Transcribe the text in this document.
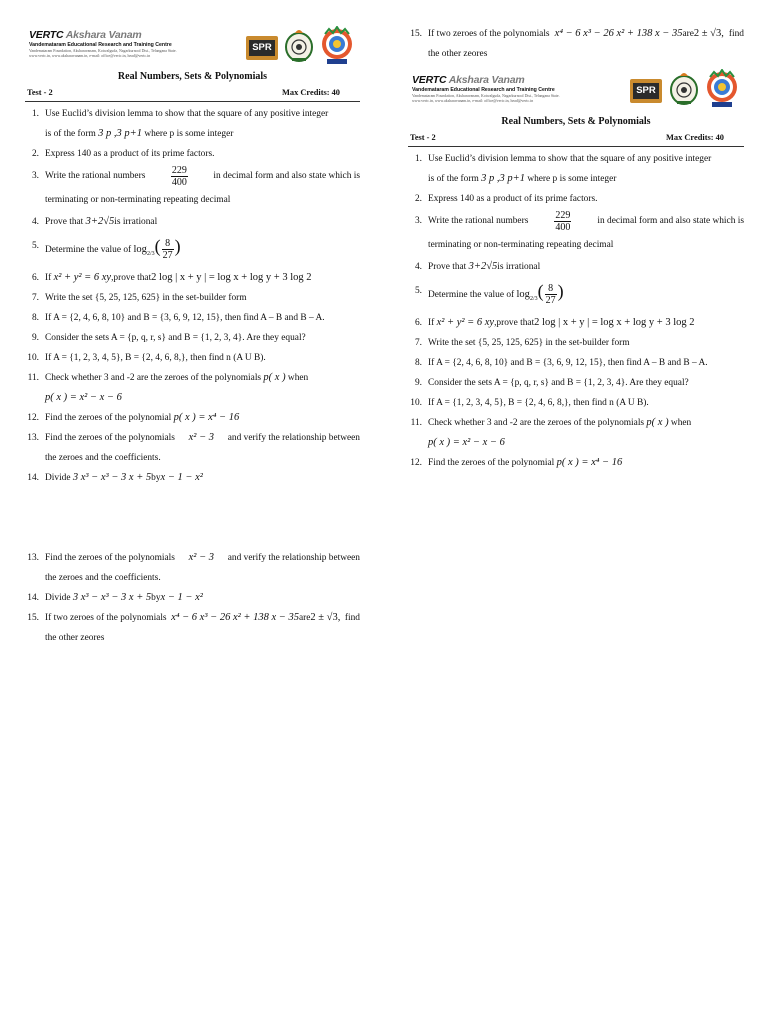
VERTC Akshara Vanam
Vandemataram Educational Research and Training Centre
Vandemataram Foundation, Aksharavanam, Kotwalguda, Nagarkurnool Dist., Telangana State.
www.vertc.in, www.aksharavanam.in, e-mail: office@vertc.in, head@vertc.in
SPR
Real Numbers, Sets & Polynomials
Test - 2	Max Credits: 40
1. Use Euclid’s division lemma to show that the square of any positive integer
is of the form 3 p ,3 p+1 where p is some integer
2. Express 140 as a product of its prime factors.
3. Write the rational numbers	$\frac{229}{400}$	in decimal form and also state which is
terminating or non-terminating repeating decimal
4. Prove that 3+2√5is irrational
5. Determine the value of $\log_{2/3}( \frac{8}{27}$ )
6. If x² + y² = 6 xy,prove that2 log | x + y | = log x + log y + 3 log 2
7. Write the set {5, 25, 125, 625} in the set-builder form
8. If A = {2, 4, 6, 8, 10} and B = {3, 6, 9, 12, 15}, then find A – B and B – A.
9. Consider the sets A = {p, q, r, s} and B = {1, 2, 3, 4}. Are they equal?
10. If A = {1, 2, 3, 4, 5}, B = {2, 4, 6, 8,}, then find n (A U B).
11. Check whether 3 and -2 are the zeroes of the polynomials p( x ) when
p( x ) = x² − x − 6
12. Find the zeroes of the polynomial p( x ) = x⁴ − 16
13. Find the zeroes of the polynomials x² − 3 and verify the relationship between
the zeroes and the coefficients.
14. Divide 3 x³ − x³ − 3 x + 5byx − 1 − x²
13. Find the zeroes of the polynomials x² − 3 and verify the relationship between
the zeroes and the coefficients.
14. Divide 3 x³ − x³ − 3 x + 5byx − 1 − x²
15. If two zeroes of the polynomials x⁴ − 6 x³ − 26 x² + 138 x − 35are2 ± √3, find
the other zeores
15. If two zeroes of the polynomials x⁴ − 6 x³ − 26 x² + 138 x − 35are2 ± √3, find
the other zeores
VERTC Akshara Vanam
Vandemataram Educational Research and Training Centre
Vandemataram Foundation, Aksharavanam, Kotwalguda, Nagarkurnool Dist., Telangana State.
www.vertc.in, www.aksharavanam.in, e-mail: office@vertc.in, head@vertc.in
SPR
Real Numbers, Sets & Polynomials
Test - 2	Max Credits: 40
1. Use Euclid’s division lemma to show that the square of any positive integer
is of the form 3 p ,3 p+1 where p is some integer
2. Express 140 as a product of its prime factors.
3. Write the rational numbers	$\frac{229}{400}$	in decimal form and also state which is
terminating or non-terminating repeating decimal
4. Prove that 3+2√5is irrational
5. Determine the value of $\log_{2/3}( \frac{8}{27}$ )
6. If x² + y² = 6 xy,prove that2 log | x + y | = log x + log y + 3 log 2
7. Write the set {5, 25, 125, 625} in the set-builder form
8. If A = {2, 4, 6, 8, 10} and B = {3, 6, 9, 12, 15}, then find A – B and B – A.
9. Consider the sets A = {p, q, r, s} and B = {1, 2, 3, 4}. Are they equal?
10. If A = {1, 2, 3, 4, 5}, B = {2, 4, 6, 8,}, then find n (A U B).
11. Check whether 3 and -2 are the zeroes of the polynomials p( x ) when
p( x ) = x² − x − 6
12. Find the zeroes of the polynomial p( x ) = x⁴ − 16
